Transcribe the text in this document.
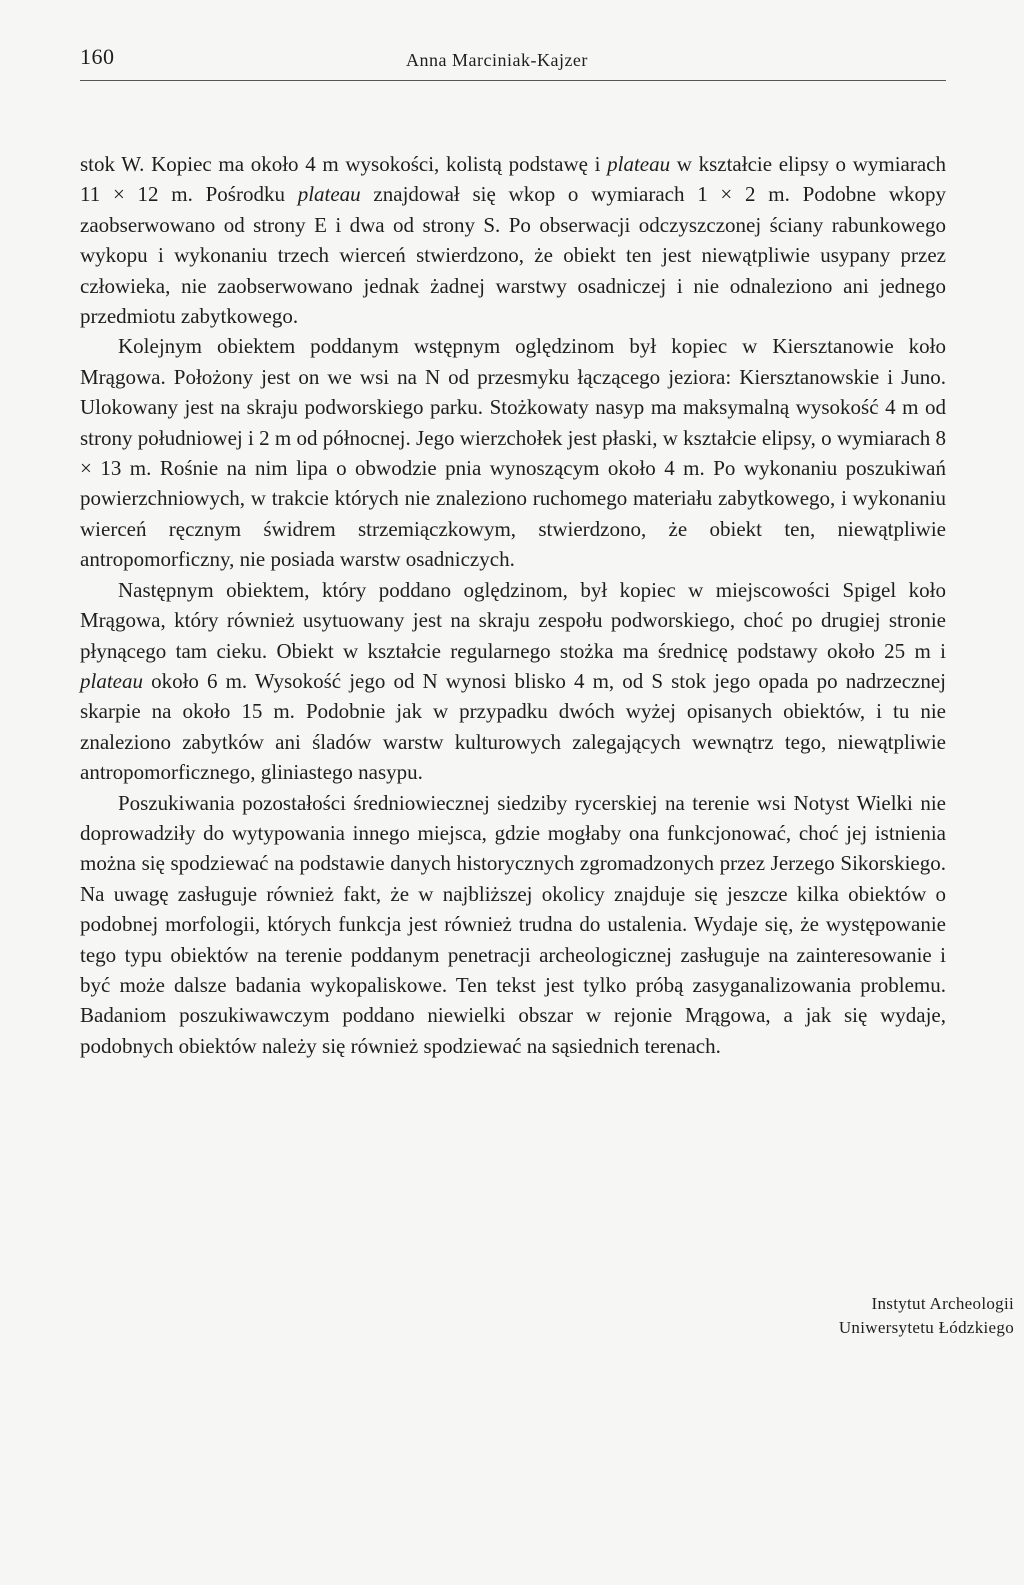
160	Anna Marciniak-Kajzer

stok W. Kopiec ma około 4 m wysokości, kolistą podstawę i plateau w kształcie elipsy o wymiarach 11 × 12 m. Pośrodku plateau znajdował się wkop o wymiarach 1 × 2 m. Podobne wkopy zaobserwowano od strony E i dwa od strony S. Po obserwacji odczyszczonej ściany rabunkowego wykopu i wykonaniu trzech wierceń stwierdzono, że obiekt ten jest niewątpliwie usypany przez człowieka, nie zaobserwowano jednak żadnej warstwy osadniczej i nie odnaleziono ani jednego przedmiotu zabytkowego.

Kolejnym obiektem poddanym wstępnym oględzinom był kopiec w Kiersztanowie koło Mrągowa. Położony jest on we wsi na N od przesmyku łączącego jeziora: Kiersztanowskie i Juno. Ulokowany jest na skraju podworskiego parku. Stożkowaty nasyp ma maksymalną wysokość 4 m od strony południowej i 2 m od północnej. Jego wierzchołek jest płaski, w kształcie elipsy, o wymiarach 8 × 13 m. Rośnie na nim lipa o obwodzie pnia wynoszącym około 4 m. Po wykonaniu poszukiwań powierzchniowych, w trakcie których nie znaleziono ruchomego materiału zabytkowego, i wykonaniu wierceń ręcznym świdrem strzemiączkowym, stwierdzono, że obiekt ten, niewątpliwie antropomorficzny, nie posiada warstw osadniczych.

Następnym obiektem, który poddano oględzinom, był kopiec w miejscowości Spigel koło Mrągowa, który również usytuowany jest na skraju zespołu podworskiego, choć po drugiej stronie płynącego tam cieku. Obiekt w kształcie regularnego stożka ma średnicę podstawy około 25 m i plateau około 6 m. Wysokość jego od N wynosi blisko 4 m, od S stok jego opada po nadrzecznej skarpie na około 15 m. Podobnie jak w przypadku dwóch wyżej opisanych obiektów, i tu nie znaleziono zabytków ani śladów warstw kulturowych zalegających wewnątrz tego, niewątpliwie antropomorficznego, gliniastego nasypu.

Poszukiwania pozostałości średniowiecznej siedziby rycerskiej na terenie wsi Notyst Wielki nie doprowadziły do wytypowania innego miejsca, gdzie mogłaby ona funkcjonować, choć jej istnienia można się spodziewać na podstawie danych historycznych zgromadzonych przez Jerzego Sikorskiego. Na uwagę zasługuje również fakt, że w najbliższej okolicy znajduje się jeszcze kilka obiektów o podobnej morfologii, których funkcja jest również trudna do ustalenia. Wydaje się, że występowanie tego typu obiektów na terenie poddanym penetracji archeologicznej zasługuje na zainteresowanie i być może dalsze badania wykopaliskowe. Ten tekst jest tylko próbą zasyganalizowania problemu. Badaniom poszukiwawczym poddano niewielki obszar w rejonie Mrągowa, a jak się wydaje, podobnych obiektów należy się również spodziewać na sąsiednich terenach.

Instytut Archeologii
Uniwersytetu Łódzkiego
